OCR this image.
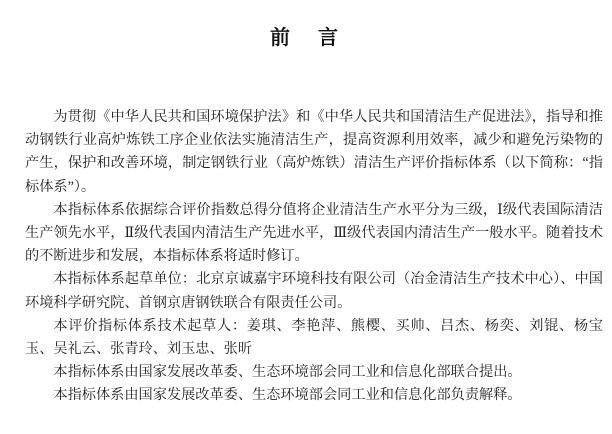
前　言

为贯彻《中华人民共和国环境保护法》和《中华人民共和国清洁生产促进法》，指导和推动钢铁行业高炉炼铁工序企业依法实施清洁生产，提高资源利用效率，减少和避免污染物的产生，保护和改善环境，制定钢铁行业（高炉炼铁）清洁生产评价指标体系（以下简称：“指标体系”）。

本指标体系依据综合评价指数总得分值将企业清洁生产水平分为三级，Ⅰ级代表国际清洁生产领先水平，Ⅱ级代表国内清洁生产先进水平，Ⅲ级代表国内清洁生产一般水平。随着技术的不断进步和发展，本指标体系将适时修订。

本指标体系起草单位：北京京诚嘉宇环境科技有限公司（冶金清洁生产技术中心）、中国环境科学研究院、首钢京唐钢铁联合有限责任公司。

本评价指标体系技术起草人：姜琪、李艳萍、熊樱、买帅、吕杰、杨奕、刘锟、杨宝玉、吴礼云、张青玲、刘玉忠、张昕

本指标体系由国家发展改革委、生态环境部会同工业和信息化部联合提出。

本指标体系由国家发展改革委、生态环境部会同工业和信息化部负责解释。
